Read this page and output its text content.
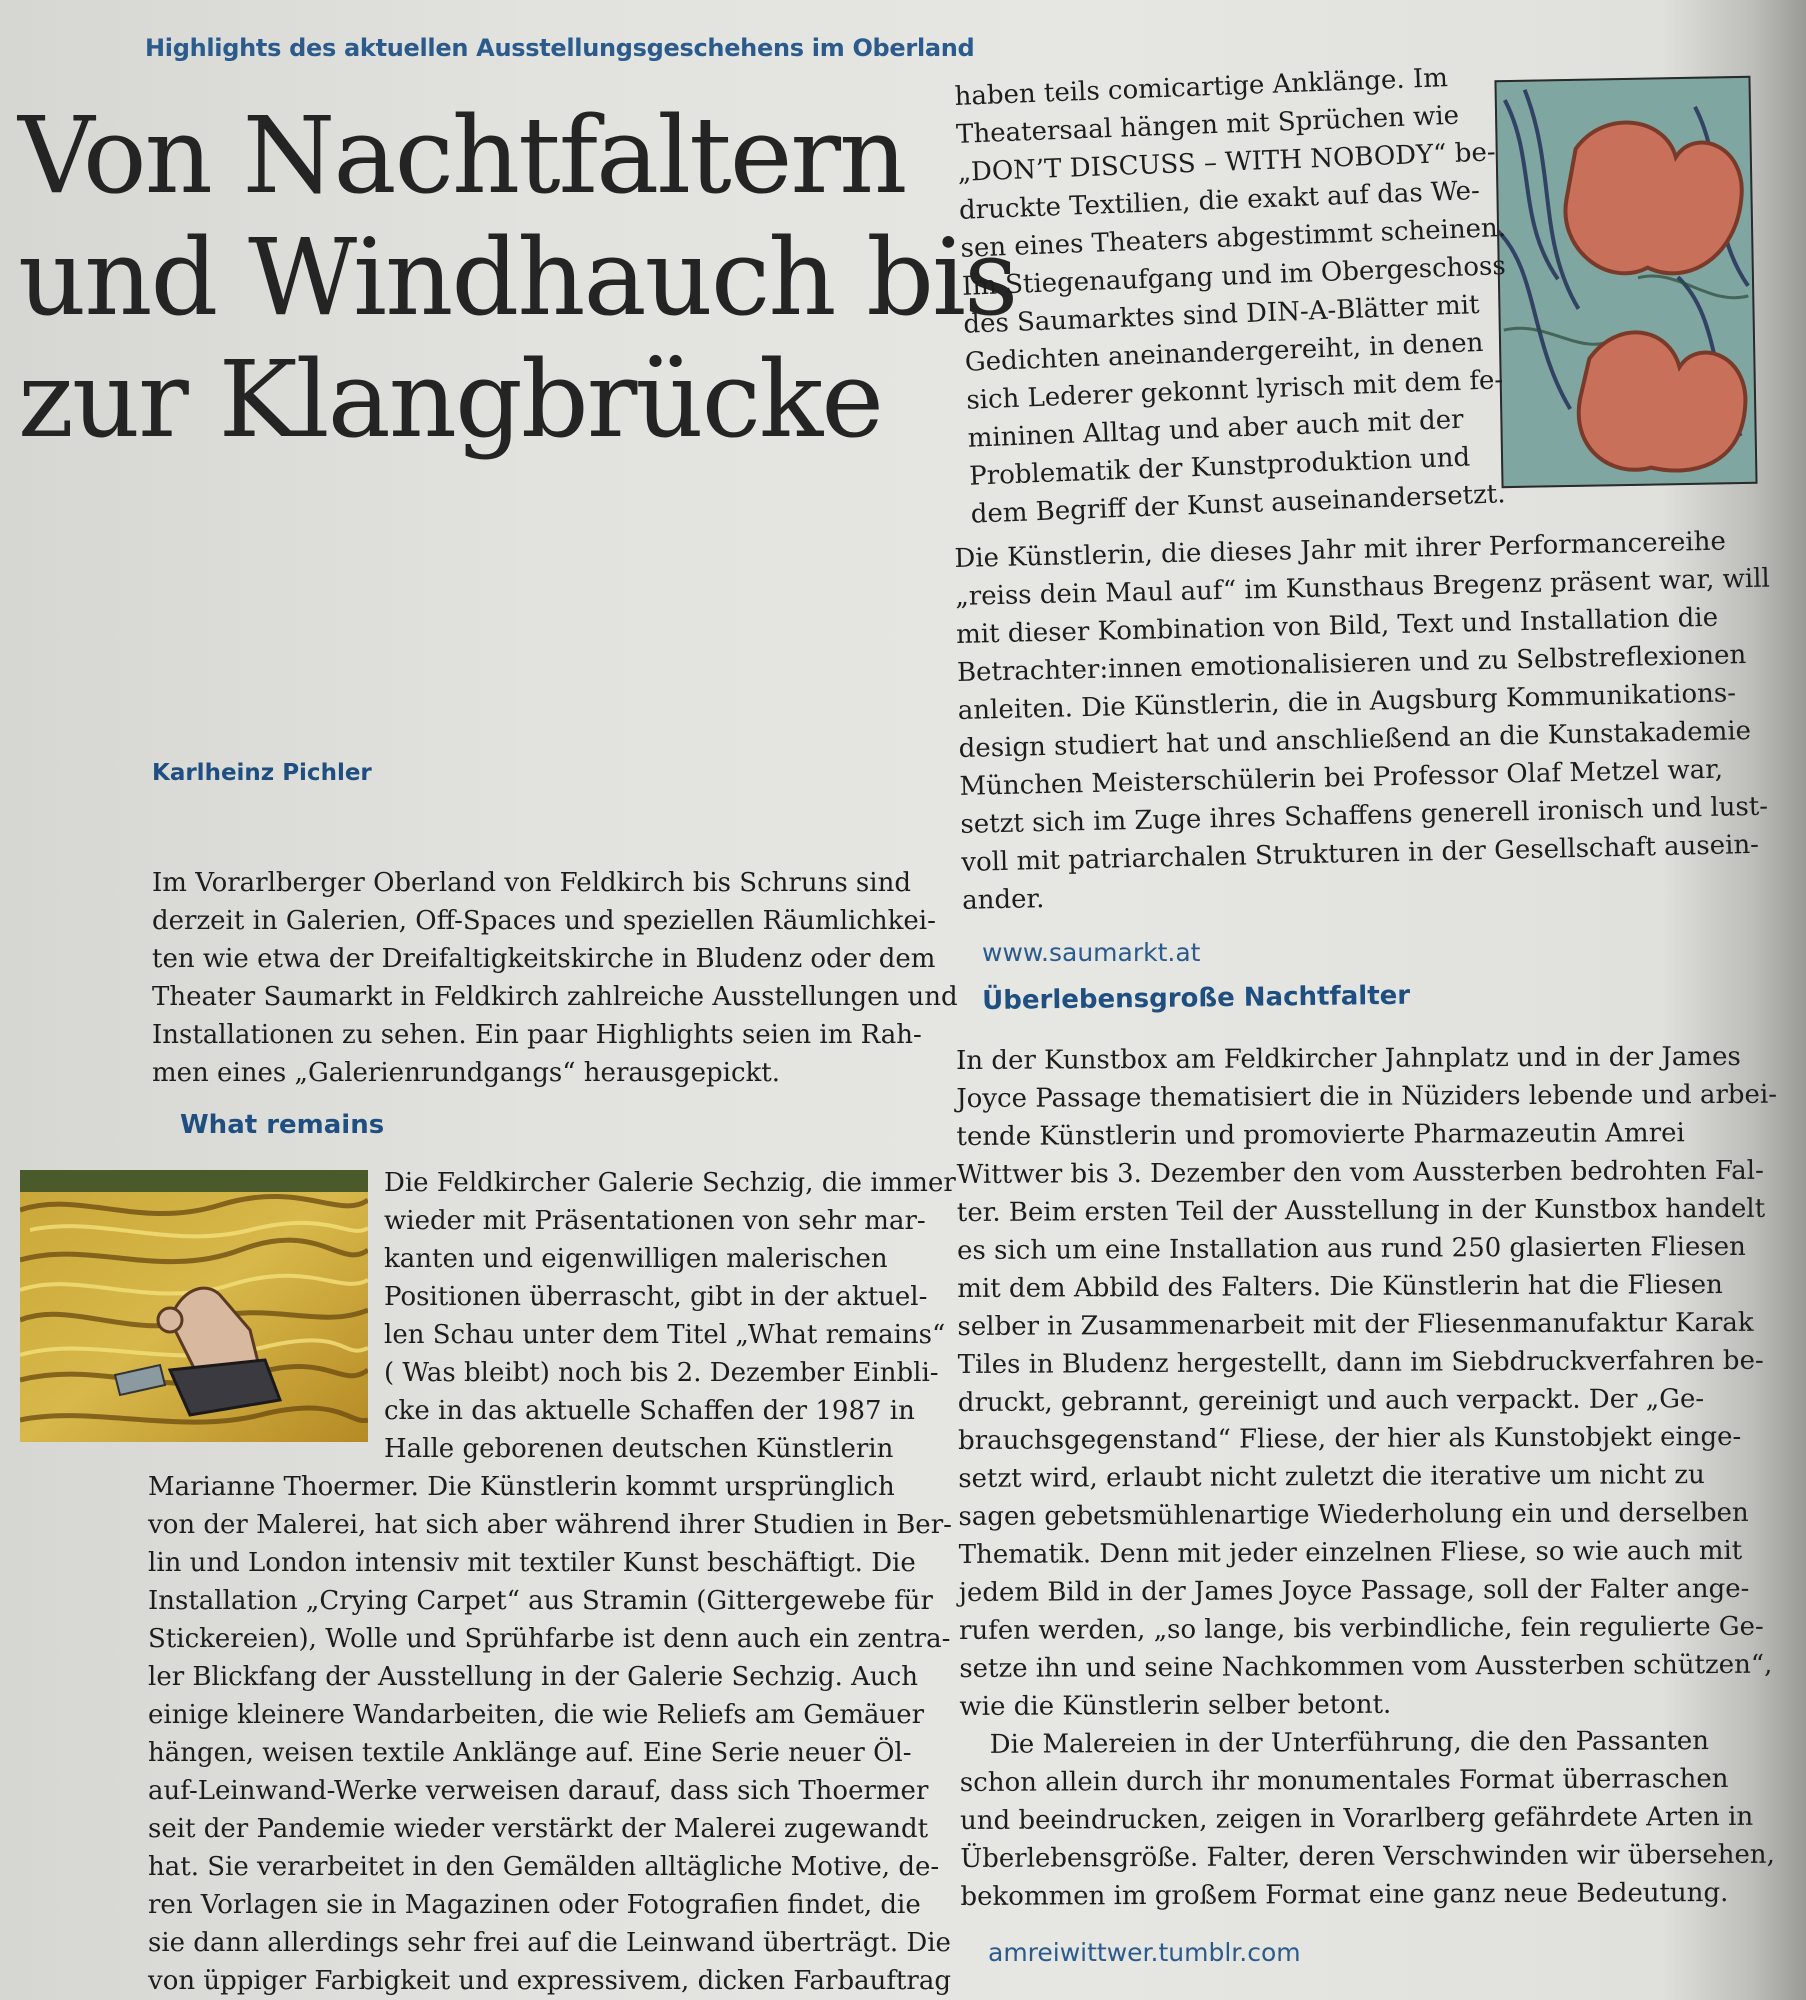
Highlights des aktuellen Ausstellungsgeschehens im Oberland
Von Nachtfaltern
und Windhauch bis
zur Klangbrücke
Karlheinz Pichler
Im Vorarlberger Oberland von Feldkirch bis Schruns sind
derzeit in Galerien, Off-Spaces und speziellen Räumlichkei-
ten wie etwa der Dreifaltigkeitskirche in Bludenz oder dem
Theater Saumarkt in Feldkirch zahlreiche Ausstellungen und
Installationen zu sehen. Ein paar Highlights seien im Rah-
men eines „Galerienrundgangs“ herausgepickt.
What remains
Die Feldkircher Galerie Sechzig, die immer
wieder mit Präsentationen von sehr mar-
kanten und eigenwilligen malerischen
Positionen überrascht, gibt in der aktuel-
len Schau unter dem Titel „What remains“
( Was bleibt) noch bis 2. Dezember Einbli-
cke in das aktuelle Schaffen der 1987 in
Halle geborenen deutschen Künstlerin
Marianne Thoermer. Die Künstlerin kommt ursprünglich
von der Malerei, hat sich aber während ihrer Studien in Ber-
lin und London intensiv mit textiler Kunst beschäftigt. Die
Installation „Crying Carpet“ aus Stramin (Gittergewebe für
Stickereien), Wolle und Sprühfarbe ist denn auch ein zentra-
ler Blickfang der Ausstellung in der Galerie Sechzig. Auch
einige kleinere Wandarbeiten, die wie Reliefs am Gemäuer
hängen, weisen textile Anklänge auf. Eine Serie neuer Öl-
auf-Leinwand-Werke verweisen darauf, dass sich Thoermer
seit der Pandemie wieder verstärkt der Malerei zugewandt
hat. Sie verarbeitet in den Gemälden alltägliche Motive, de-
ren Vorlagen sie in Magazinen oder Fotografien findet, die
sie dann allerdings sehr frei auf die Leinwand überträgt. Die
von üppiger Farbigkeit und expressivem, dicken Farbauftrag
haben teils comicartige Anklänge. Im
Theatersaal hängen mit Sprüchen wie
„DON’T DISCUSS – WITH NOBODY“ be-
druckte Textilien, die exakt auf das We-
sen eines Theaters abgestimmt scheinen.
Im Stiegenaufgang und im Obergeschoss
des Saumarktes sind DIN-A-Blätter mit
Gedichten aneinandergereiht, in denen
sich Lederer gekonnt lyrisch mit dem fe-
mininen Alltag und aber auch mit der
Problematik der Kunstproduktion und
dem Begriff der Kunst auseinandersetzt.
Die Künstlerin, die dieses Jahr mit ihrer Performancereihe
„reiss dein Maul auf“ im Kunsthaus Bregenz präsent war, will
mit dieser Kombination von Bild, Text und Installation die
Betrachter:innen emotionalisieren und zu Selbstreflexionen
anleiten. Die Künstlerin, die in Augsburg Kommunikations-
design studiert hat und anschließend an die Kunstakademie
München Meisterschülerin bei Professor Olaf Metzel war,
setzt sich im Zuge ihres Schaffens generell ironisch und lust-
voll mit patriarchalen Strukturen in der Gesellschaft ausein-
ander.
www.saumarkt.at
Überlebensgroße Nachtfalter
In der Kunstbox am Feldkircher Jahnplatz und in der James
Joyce Passage thematisiert die in Nüziders lebende und arbei-
tende Künstlerin und promovierte Pharmazeutin Amrei
Wittwer bis 3. Dezember den vom Aussterben bedrohten Fal-
ter. Beim ersten Teil der Ausstellung in der Kunstbox handelt
es sich um eine Installation aus rund 250 glasierten Fliesen
mit dem Abbild des Falters. Die Künstlerin hat die Fliesen
selber in Zusammenarbeit mit der Fliesenmanufaktur Karak
Tiles in Bludenz hergestellt, dann im Siebdruckverfahren be-
druckt, gebrannt, gereinigt und auch verpackt. Der „Ge-
brauchsgegenstand“ Fliese, der hier als Kunstobjekt einge-
setzt wird, erlaubt nicht zuletzt die iterative um nicht zu
sagen gebetsmühlenartige Wiederholung ein und derselben
Thematik. Denn mit jeder einzelnen Fliese, so wie auch mit
jedem Bild in der James Joyce Passage, soll der Falter ange-
rufen werden, „so lange, bis verbindliche, fein regulierte Ge-
setze ihn und seine Nachkommen vom Aussterben schützen“,
wie die Künstlerin selber betont.
Die Malereien in der Unterführung, die den Passanten
schon allein durch ihr monumentales Format überraschen
und beeindrucken, zeigen in Vorarlberg gefährdete Arten in
Überlebensgröße. Falter, deren Verschwinden wir übersehen,
bekommen im großem Format eine ganz neue Bedeutung.
amreiwittwer.tumblr.com
